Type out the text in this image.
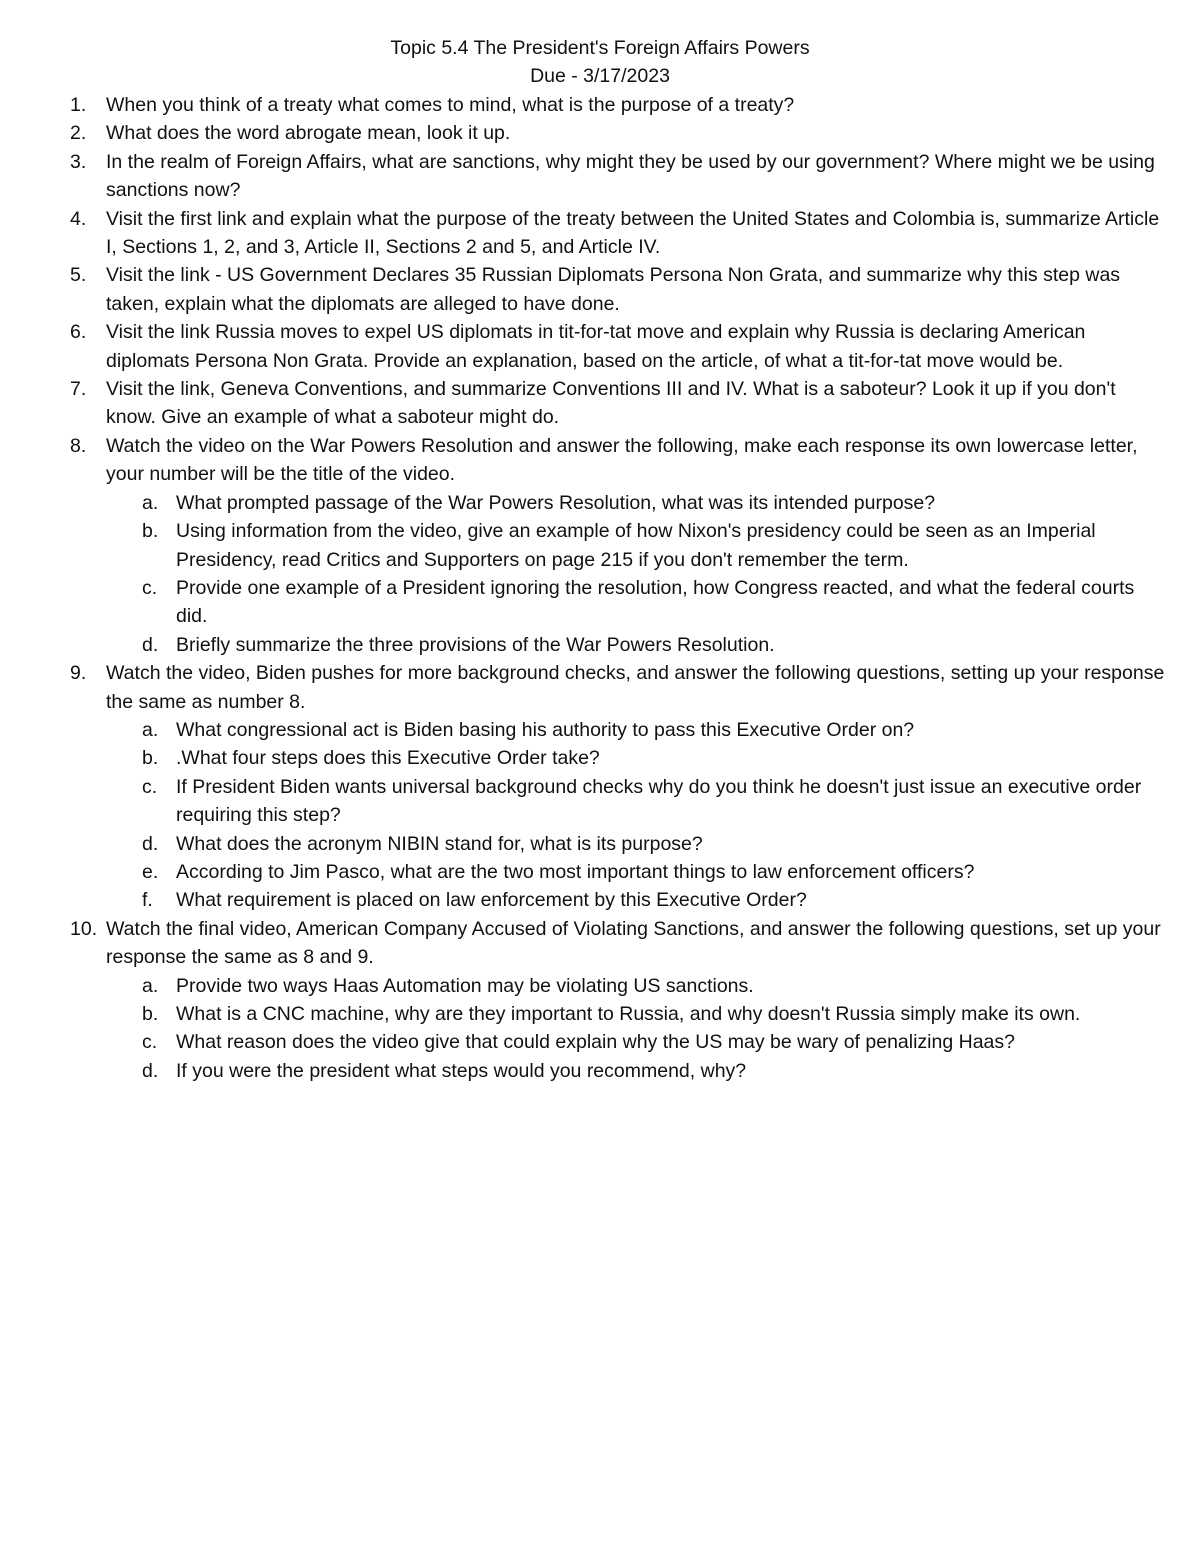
Topic 5.4 The President's Foreign Affairs Powers
Due - 3/17/2023
1. When you think of a treaty what comes to mind, what is the purpose of a treaty?
2. What does the word abrogate mean, look it up.
3. In the realm of Foreign Affairs, what are sanctions, why might they be used by our government? Where might we be using sanctions now?
4. Visit the first link and explain what the purpose of the treaty between the United States and Colombia is, summarize Article I, Sections 1, 2, and 3, Article II, Sections 2 and 5, and Article IV.
5. Visit the link - US Government Declares 35 Russian Diplomats Persona Non Grata, and summarize why this step was taken, explain what the diplomats are alleged to have done.
6. Visit the link Russia moves to expel US diplomats in tit-for-tat move and explain why Russia is declaring American diplomats Persona Non Grata. Provide an explanation, based on the article, of what a tit-for-tat move would be.
7. Visit the link, Geneva Conventions, and summarize Conventions III and IV. What is a saboteur? Look it up if you don't know. Give an example of what a saboteur might do.
8. Watch the video on the War Powers Resolution and answer the following, make each response its own lowercase letter, your number will be the title of the video.
a. What prompted passage of the War Powers Resolution, what was its intended purpose?
b. Using information from the video, give an example of how Nixon's presidency could be seen as an Imperial Presidency, read Critics and Supporters on page 215 if you don't remember the term.
c. Provide one example of a President ignoring the resolution, how Congress reacted, and what the federal courts did.
d. Briefly summarize the three provisions of the War Powers Resolution.
9. Watch the video, Biden pushes for more background checks, and answer the following questions, setting up your response the same as number 8.
a. What congressional act is Biden basing his authority to pass this Executive Order on?
b. .What four steps does this Executive Order take?
c. If President Biden wants universal background checks why do you think he doesn't just issue an executive order requiring this step?
d. What does the acronym NIBIN stand for, what is its purpose?
e. According to Jim Pasco, what are the two most important things to law enforcement officers?
f. What requirement is placed on law enforcement by this Executive Order?
10. Watch the final video, American Company Accused of Violating Sanctions, and answer the following questions, set up your response the same as 8 and 9.
a. Provide two ways Haas Automation may be violating US sanctions.
b. What is a CNC machine, why are they important to Russia, and why doesn't Russia simply make its own.
c. What reason does the video give that could explain why the US may be wary of penalizing Haas?
d. If you were the president what steps would you recommend, why?
